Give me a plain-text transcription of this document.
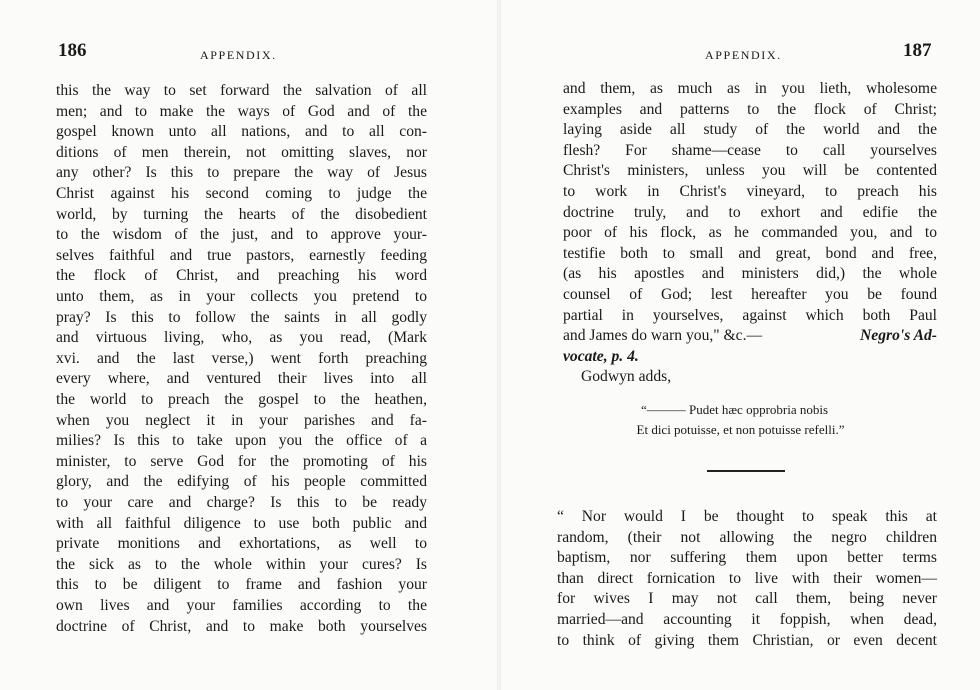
186	APPENDIX.
this the way to set forward the salvation of all
men; and to make the ways of God and of the
gospel known unto all nations, and to all con-
ditions of men therein, not omitting slaves, nor
any other? Is this to prepare the way of Jesus
Christ against his second coming to judge the
world, by turning the hearts of the disobedient
to the wisdom of the just, and to approve your-
selves faithful and true pastors, earnestly feeding
the flock of Christ, and preaching his word
unto them, as in your collects you pretend to
pray? Is this to follow the saints in all godly
and virtuous living, who, as you read, (Mark
xvi. and the last verse,) went forth preaching
every where, and ventured their lives into all
the world to preach the gospel to the heathen,
when you neglect it in your parishes and fa-
milies? Is this to take upon you the office of a
minister, to serve God for the promoting of his
glory, and the edifying of his people committed
to your care and charge? Is this to be ready
with all faithful diligence to use both public and
private monitions and exhortations, as well to
the sick as to the whole within your cures? Is
this to be diligent to frame and fashion your
own lives and your families according to the
doctrine of Christ, and to make both yourselves
APPENDIX.	187
and them, as much as in you lieth, wholesome
examples and patterns to the flock of Christ;
laying aside all study of the world and the
flesh? For shame—cease to call yourselves
Christ's ministers, unless you will be contented
to work in Christ's vineyard, to preach his
doctrine truly, and to exhort and edifie the
poor of his flock, as he commanded you, and to
testifie both to small and great, bond and free,
(as his apostles and ministers did,) the whole
counsel of God; lest hereafter you be found
partial in yourselves, against which both Paul
and James do warn you," &c.—	Negro's Ad-
vocate, p. 4.
Godwyn adds,
“——— Pudet hæc opprobria nobis
Et dici potuisse, et non potuisse refelli.”
“ Nor would I be thought to speak this at
random, (their not allowing the negro children
baptism, nor suffering them upon better terms
than direct fornication to live with their women—
for wives I may not call them, being never
married—and accounting it foppish, when dead,
to think of giving them Christian, or even decent
